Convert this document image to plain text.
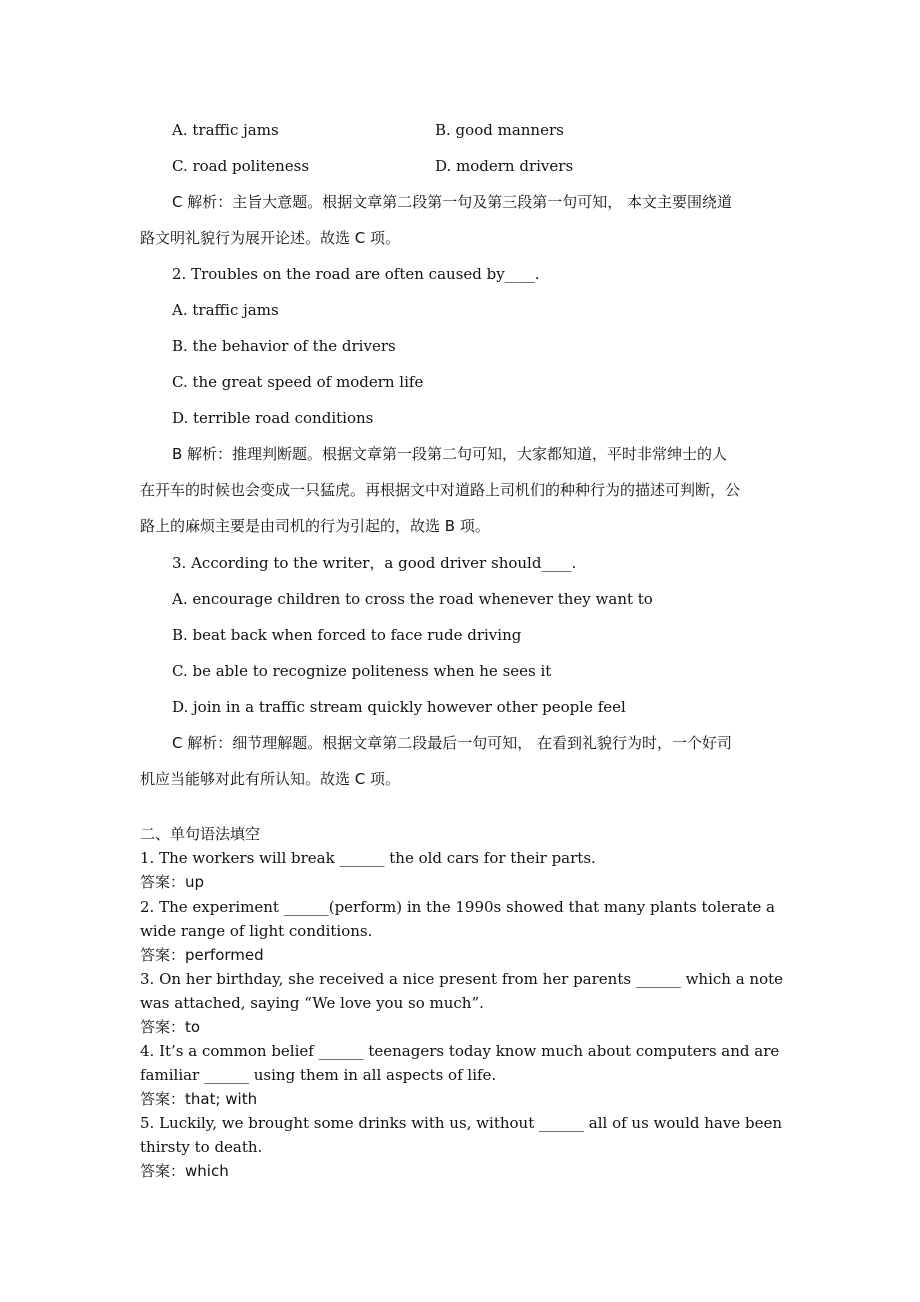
A. traffic jams	B. good manners
C. road politeness	D. modern drivers
C 解析：主旨大意题。根据文章第二段第一句及第三段第一句可知， 本文主要围绕道
路文明礼貌行为展开论述。故选 C 项。
2. Troubles on the road are often caused by____.
A. traffic jams
B. the behavior of the drivers
C. the great speed of modern life
D. terrible road conditions
B 解析：推理判断题。根据文章第一段第二句可知，大家都知道，平时非常绅士的人
在开车的时候也会变成一只猛虎。再根据文中对道路上司机们的种种行为的描述可判断，公
路上的麻烦主要是由司机的行为引起的，故选 B 项。
3. According to the writer，a good driver should____.
A. encourage children to cross the road whenever they want to
B. beat back when forced to face rude driving
C. be able to recognize politeness when he sees it
D. join in a traffic stream quickly however other people feel
C 解析：细节理解题。根据文章第二段最后一句可知， 在看到礼貌行为时，一个好司
机应当能够对此有所认知。故选 C 项。
二、单句语法填空
1. The workers will break ______ the old cars for their parts.
答案：up
2. The experiment ______(perform) in the 1990s showed that many plants tolerate a
wide range of light conditions.
答案：performed
3. On her birthday, she received a nice present from her parents ______ which a note
was attached, saying “We love you so much”.
答案：to
4. It’s a common belief ______ teenagers today know much about computers and are
familiar ______ using them in all aspects of life.
答案：that; with
5. Luckily, we brought some drinks with us, without ______ all of us would have been
thirsty to death.
答案：which
